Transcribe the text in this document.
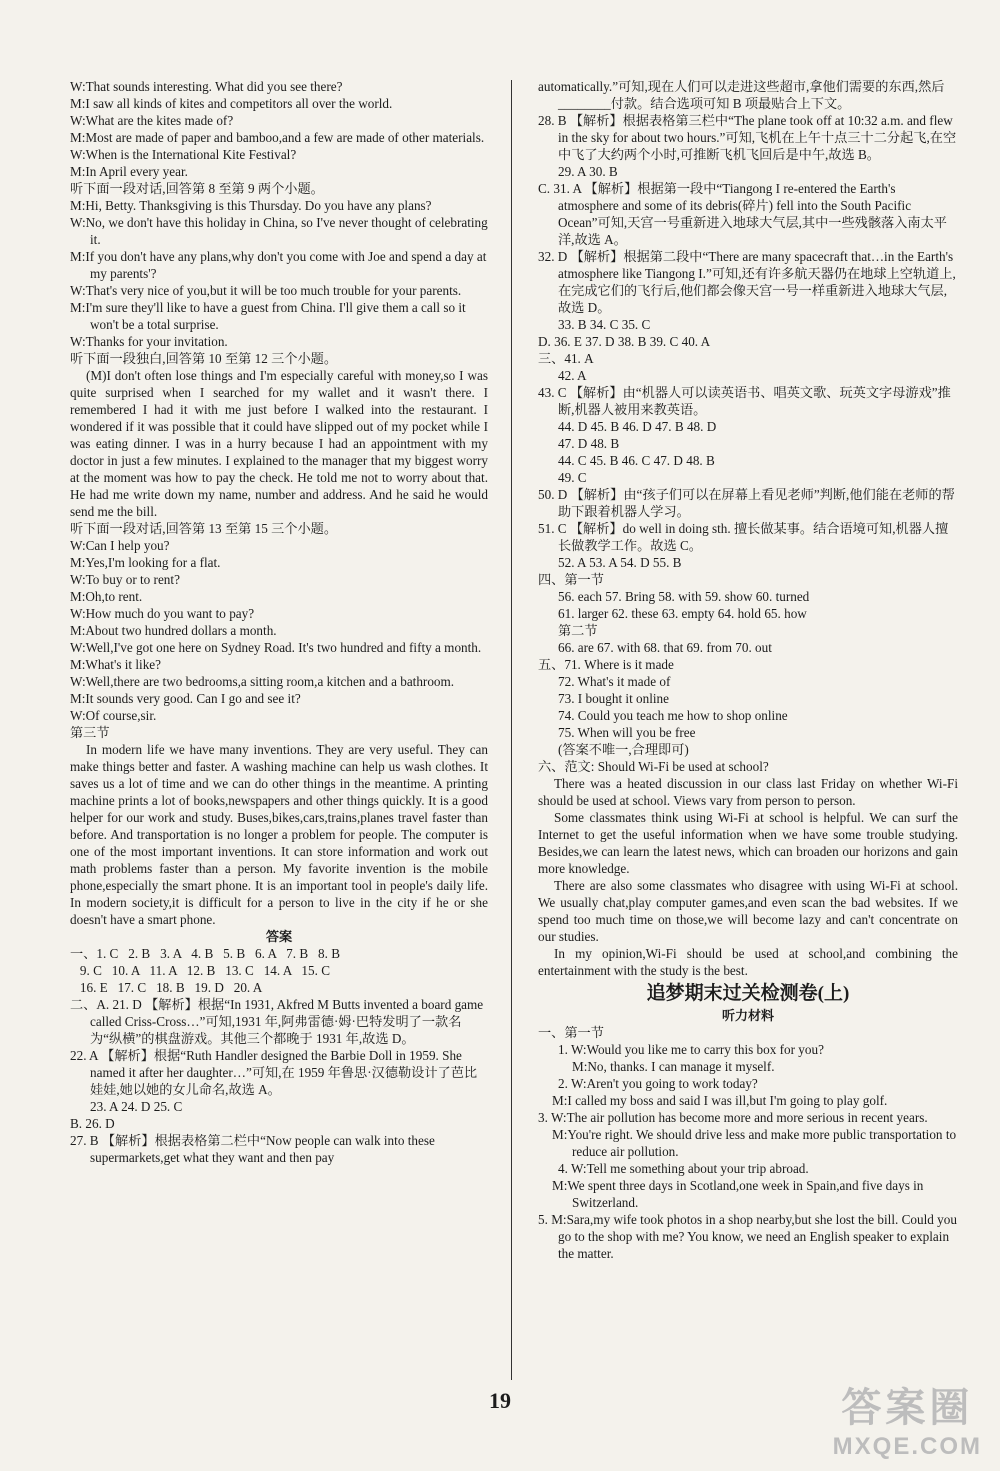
W:That sounds interesting. What did you see there?
M:I saw all kinds of kites and competitors all over the world.
W:What are the kites made of?
M:Most are made of paper and bamboo,and a few are made of other materials.
W:When is the International Kite Festival?
M:In April every year.
听下面一段对话,回答第 8 至第 9 两个小题。
M:Hi, Betty. Thanksgiving is this Thursday. Do you have any plans?
W:No, we don't have this holiday in China, so I've never thought of celebrating it.
M:If you don't have any plans,why don't you come with Joe and spend a day at my parents'?
W:That's very nice of you,but it will be too much trouble for your parents.
M:I'm sure they'll like to have a guest from China. I'll give them a call so it won't be a total surprise.
W:Thanks for your invitation.
听下面一段独白,回答第 10 至第 12 三个小题。
(M)I don't often lose things and I'm especially careful with money,so I was quite surprised when I searched for my wallet and it wasn't there. I remembered I had it with me just before I walked into the restaurant. I wondered if it was possible that it could have slipped out of my pocket while I was eating dinner. I was in a hurry because I had an appointment with my doctor in just a few minutes. I explained to the manager that my biggest worry at the moment was how to pay the check. He told me not to worry about that. He had me write down my name, number and address. And he said he would send me the bill.
听下面一段对话,回答第 13 至第 15 三个小题。
W:Can I help you?
M:Yes,I'm looking for a flat.
W:To buy or to rent?
M:Oh,to rent.
W:How much do you want to pay?
M:About two hundred dollars a month.
W:Well,I've got one here on Sydney Road. It's two hundred and fifty a month.
M:What's it like?
W:Well,there are two bedrooms,a sitting room,a kitchen and a bathroom.
M:It sounds very good. Can I go and see it?
W:Of course,sir.
第三节
In modern life we have many inventions. They are very useful. They can make things better and faster. A washing machine can help us wash clothes. It saves us a lot of time and we can do other things in the meantime. A printing machine prints a lot of books,newspapers and other things quickly. It is a good helper for our work and study. Buses,bikes,cars,trains,planes travel faster than before. And transportation is no longer a problem for people. The computer is one of the most important inventions. It can store information and work out math problems faster than a person. My favorite invention is the mobile phone,especially the smart phone. It is an important tool in people's daily life. In modern society,it is difficult for a person to live in the city if he or she doesn't have a smart phone.
答案
一、1. C   2. B   3. A   4. B   5. B   6. A   7. B   8. B
9. C   10. A   11. A   12. B   13. C   14. A   15. C
16. E   17. C   18. B   19. D   20. A
二、A. 21. D 【解析】根据“In 1931, Akfred M Butts invented a board game called Criss-Cross…”可知,1931 年,阿弗雷德·姆·巴特发明了一款名为“纵横”的棋盘游戏。其他三个都晚于 1931 年,故选 D。
22. A 【解析】根据“Ruth Handler designed the Barbie Doll in 1959. She named it after her daughter…”可知,在 1959 年鲁思·汉德勒设计了芭比娃娃,她以她的女儿命名,故选 A。
23. A 24. D 25. C
B. 26. D
27. B 【解析】根据表格第二栏中“Now people can walk into these supermarkets,get what they want and then pay
automatically.”可知,现在人们可以走进这些超市,拿他们需要的东西,然后________付款。结合选项可知 B 项最贴合上下文。
28. B 【解析】根据表格第三栏中“The plane took off at 10:32 a.m. and flew in the sky for about two hours.”可知,飞机在上午十点三十二分起飞,在空中飞了大约两个小时,可推断飞机飞回后是中午,故选 B。
29. A 30. B
C. 31. A 【解析】根据第一段中“Tiangong I re-entered the Earth's atmosphere and some of its debris(碎片) fell into the South Pacific Ocean”可知,天宫一号重新进入地球大气层,其中一些残骸落入南太平洋,故选 A。
32. D 【解析】根据第二段中“There are many spacecraft that…in the Earth's atmosphere like Tiangong I.”可知,还有许多航天器仍在地球上空轨道上,在完成它们的飞行后,他们都会像天宫一号一样重新进入地球大气层,故选 D。
33. B 34. C 35. C
D. 36. E 37. D 38. B 39. C 40. A
三、41. A
42. A
43. C 【解析】由“机器人可以读英语书、唱英文歌、玩英文字母游戏”推断,机器人被用来教英语。
44. D 45. B 46. D 47. B 48. D
47. D 48. B
44. C 45. B 46. C 47. D 48. B
49. C
50. D 【解析】由“孩子们可以在屏幕上看见老师”判断,他们能在老师的帮助下跟着机器人学习。
51. C 【解析】do well in doing sth. 擅长做某事。结合语境可知,机器人擅长做教学工作。故选 C。
52. A 53. A 54. D 55. B
四、第一节
56. each 57. Bring 58. with 59. show 60. turned
61. larger 62. these 63. empty 64. hold 65. how
第二节
66. are 67. with 68. that 69. from 70. out
五、71. Where is it made
72. What's it made of
73. I bought it online
74. Could you teach me how to shop online
75. When will you be free
(答案不唯一,合理即可)
六、范文: Should Wi-Fi be used at school?
There was a heated discussion in our class last Friday on whether Wi-Fi should be used at school. Views vary from person to person.
Some classmates think using Wi-Fi at school is helpful. We can surf the Internet to get the useful information when we have some trouble studying. Besides,we can learn the latest news, which can broaden our horizons and gain more knowledge.
There are also some classmates who disagree with using Wi-Fi at school. We usually chat,play computer games,and even scan the bad websites. If we spend too much time on those,we will become lazy and can't concentrate on our studies.
In my opinion,Wi-Fi should be used at school,and combining the entertainment with the study is the best.
追梦期末过关检测卷(上)
听力材料
一、第一节
1. W:Would you like me to carry this box for you?
M:No, thanks. I can manage it myself.
2. W:Aren't you going to work today?
M:I called my boss and said I was ill,but I'm going to play golf.
3. W:The air pollution has become more and more serious in recent years.
M:You're right. We should drive less and make more public transportation to reduce air pollution.
4. W:Tell me something about your trip abroad.
M:We spent three days in Scotland,one week in Spain,and five days in Switzerland.
5. M:Sara,my wife took photos in a shop nearby,but she lost the bill. Could you go to the shop with me? You know, we need an English speaker to explain the matter.
19	答案圈
MXQE.COM
